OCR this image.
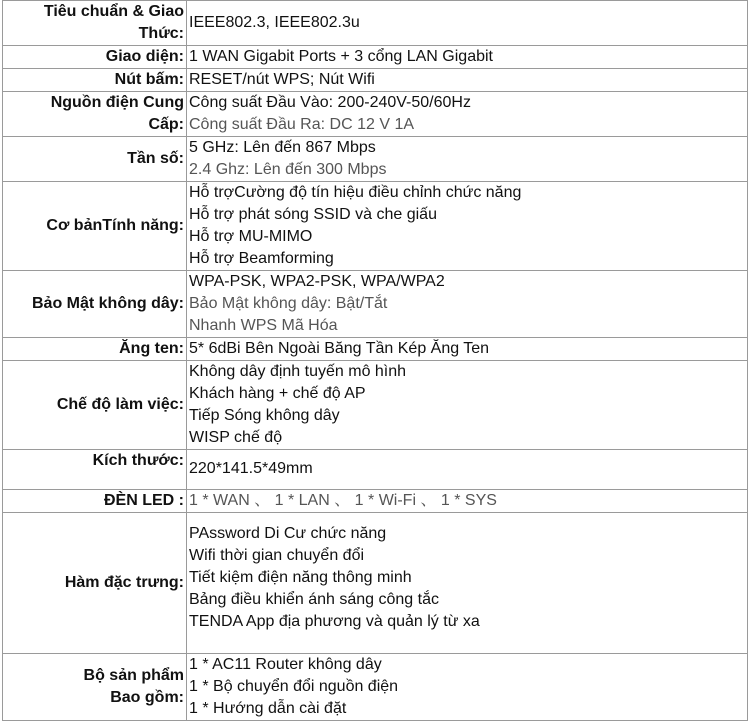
Tiêu chuẩn & Giao
Thức:	IEEE802.3, IEEE802.3u

Giao diện:	1 WAN Gigabit Ports + 3 cổng LAN Gigabit

Nút bấm:	RESET/nút WPS; Nút Wifi

Nguồn điện Cung
Cấp:	Công suất Đầu Vào: 200-240V-50/60Hz
Công suất Đầu Ra: DC 12 V 1A

Tần số:	5 GHz: Lên đến 867 Mbps
2.4 Ghz: Lên đến 300 Mbps

Cơ bảnTính năng:	Hỗ trợCường độ tín hiệu điều chỉnh chức năng
Hỗ trợ phát sóng SSID và che giấu
Hỗ trợ MU-MIMO
Hỗ trợ Beamforming

Bảo Mật không dây:	WPA-PSK, WPA2-PSK, WPA/WPA2
Bảo Mật không dây: Bật/Tắt
Nhanh WPS Mã Hóa

Ăng ten:	5* 6dBi Bên Ngoài Băng Tần Kép Ăng Ten

Chế độ làm việc:	Không dây định tuyến mô hình
Khách hàng + chế độ AP
Tiếp Sóng không dây
WISP chế độ

Kích thước:	220*141.5*49mm

ĐÈN LED :	1 * WAN 、 1 * LAN 、 1 * Wi-Fi 、 1 * SYS

Hàm đặc trưng:	PAssword Di Cư chức năng
Wifi thời gian chuyển đổi
Tiết kiệm điện năng thông minh
Bảng điều khiển ánh sáng công tắc
TENDA App địa phương và quản lý từ xa

Bộ sản phẩm
Bao gồm:	1 * AC11 Router không dây
1 * Bộ chuyển đổi nguồn điện
1 * Hướng dẫn cài đặt
